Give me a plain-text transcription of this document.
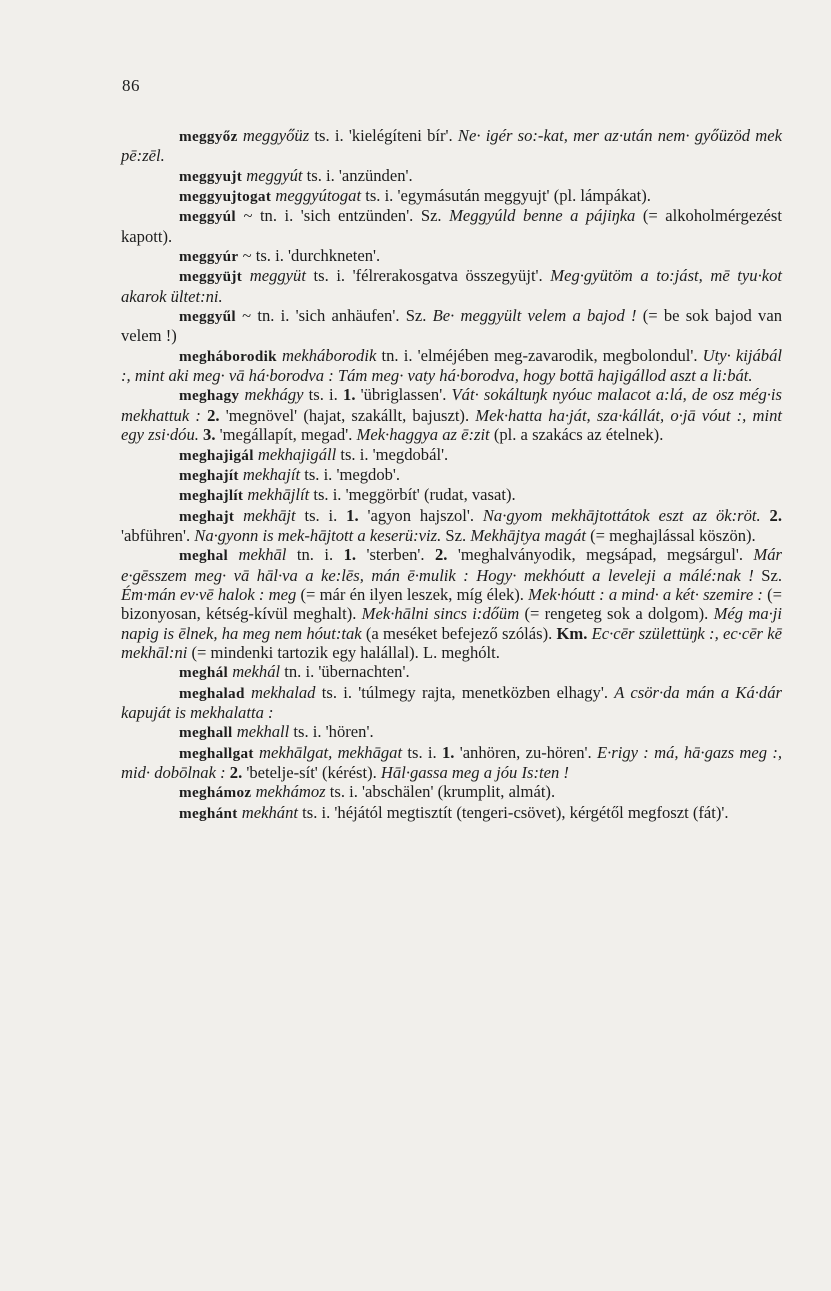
86

meggyőz meggyőüz ts. i. 'kielégíteni bír'. Ne· igér so:-kat, mer az·után nem· győüzöd mek pē:zēl.

meggyujt meggyút ts. i. 'anzünden'.

meggyujtogat meggyútogat ts. i. 'egymásután meggyujt' (pl. lámpákat).

meggyúl ~ tn. i. 'sich entzünden'. Sz. Meggyúld benne a pájiŋka (= alkoholmérgezést kapott).

meggyúr ~ ts. i. 'durchkneten'.

meggyüjt meggyüt ts. i. 'félrerakosgatva összegyüjt'. Meg·gyütöm a to:jást, mē tyu·kot akarok ültet:ni.

meggyűl ~ tn. i. 'sich anhäufen'. Sz. Be· meggyült velem a bajod ! (= be sok bajod van velem !)

megháborodik mekháborodik tn. i. 'elméjében meg-zavarodik, megbolondul'. Uty· kijábál :, mint aki meg· vā há·borodva : Tám meg· vaty há·borodva, hogy bottā hajigállod aszt a li:bát.

meghagy mekhágy ts. i. 1. 'übriglassen'. Vát· sokáltuŋk nyóuc malacot a:lá, de osz még·is mekhattuk : 2. 'megnövel' (hajat, szakállt, bajuszt). Mek·hatta ha·ját, sza·kállát, o·jā vóut :, mint egy zsi·dóu. 3. 'megállapít, megad'. Mek·haggya az ē:zit (pl. a szakács az ételnek).

meghajigál mekhajigáll ts. i. 'megdobál'.

meghajít mekhajít ts. i. 'megdob'.

meghajlít mekhājlít ts. i. 'meggörbít' (rudat, vasat).

meghajt mekhājt ts. i. 1. 'agyon hajszol'. Na·gyom mekhājtottátok eszt az ök:röt. 2. 'abführen'. Na·gyonn is mek-hājtott a keserü:viz. Sz. Mekhājtya magát (= meghajlással köszön).

meghal mekhāl tn. i. 1. 'sterben'. 2. 'meghalványodik, megsápad, megsárgul'. Már e·gēsszem meg· vā hāl·va a ke:lēs, mán ē·mulik : Hogy· mekhóutt a leveleji a málé:nak ! Sz. Ém·mán ev·vē halok : meg (= már én ilyen leszek, míg élek). Mek·hóutt : a mind· a két· szemire : (= bizonyosan, kétség-kívül meghalt). Mek·hālni sincs i:dőüm (= rengeteg sok a dolgom). Még ma·ji napig is ēlnek, ha meg nem hóut:tak (a meséket befejező szólás). Km. Ec·cēr születtüŋk :, ec·cēr kē mekhāl:ni (= mindenki tartozik egy halállal). L. meghólt.

meghál mekhál tn. i. 'übernachten'.

meghalad mekhalad ts. i. 'túlmegy rajta, menetközben elhagy'. A csör·da mán a Ká·dár kapuját is mekhalatta :

meghall mekhall ts. i. 'hören'.

meghallgat mekhālgat, mekhāgat ts. i. 1. 'anhören, zu-hören'. E·rigy : má, hā·gazs meg :, mid· dobōlnak : 2. 'betelje-sít' (kérést). Hāl·gassa meg a jóu Is:ten !

meghámoz mekhámoz ts. i. 'abschälen' (krumplit, almát).

meghánt mekhánt ts. i. 'héjától megtisztít (tengeri-csövet), kérgétől megfoszt (fát)'.
